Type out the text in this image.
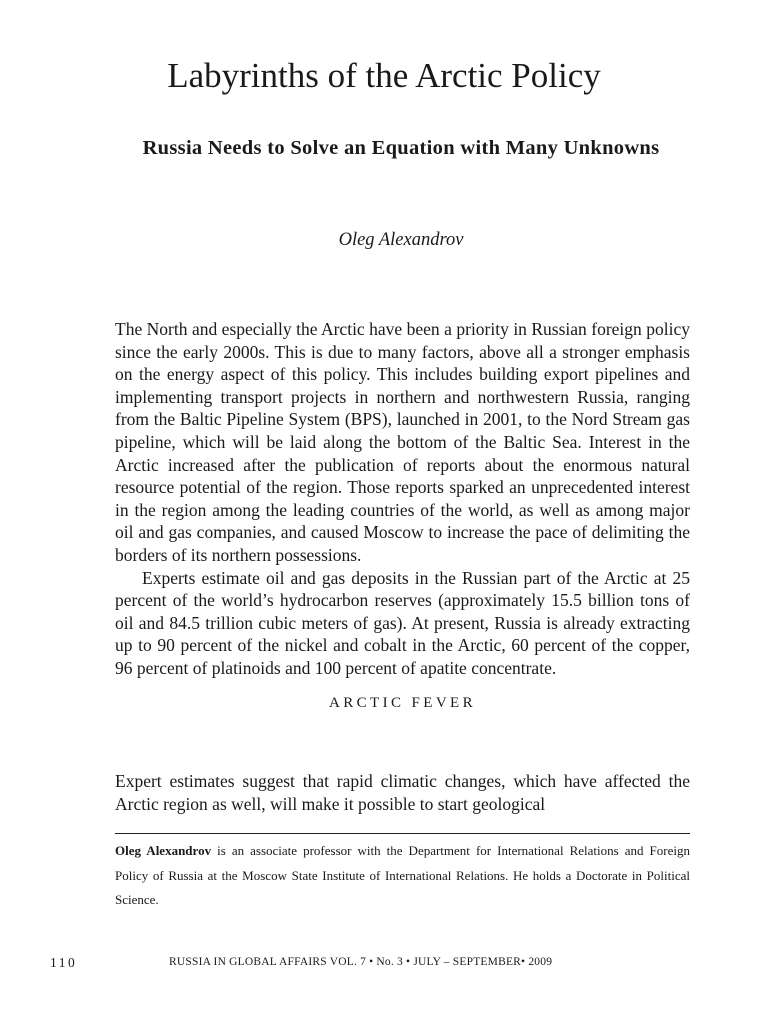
Labyrinths of the Arctic Policy
Russia Needs to Solve an Equation with Many Unknowns
Oleg Alexandrov

The North and especially the Arctic have been a priority in Russian foreign policy since the early 2000s. This is due to many factors, above all a stronger emphasis on the energy aspect of this policy. This includes building export pipelines and implementing transport projects in northern and northwestern Russia, ranging from the Baltic Pipeline System (BPS), launched in 2001, to the Nord Stream gas pipeline, which will be laid along the bottom of the Baltic Sea. Interest in the Arctic increased after the publication of reports about the enormous natural resource potential of the region. Those reports sparked an unprecedented interest in the region among the leading countries of the world, as well as among major oil and gas companies, and caused Moscow to increase the pace of delimiting the borders of its northern possessions.

Experts estimate oil and gas deposits in the Russian part of the Arctic at 25 percent of the world’s hydrocarbon reserves (approximately 15.5 billion tons of oil and 84.5 trillion cubic meters of gas). At present, Russia is already extracting up to 90 percent of the nickel and cobalt in the Arctic, 60 percent of the copper, 96 percent of platinoids and 100 percent of apatite concentrate.

ARCTIC FEVER

Expert estimates suggest that rapid climatic changes, which have affected the Arctic region as well, will make it possible to start geological

Oleg Alexandrov is an associate professor with the Department for International Relations and Foreign Policy of Russia at the Moscow State Institute of International Relations. He holds a Doctorate in Political Science.

110	RUSSIA IN GLOBAL AFFAIRS VOL. 7 • No. 3 • JULY – SEPTEMBER• 2009
